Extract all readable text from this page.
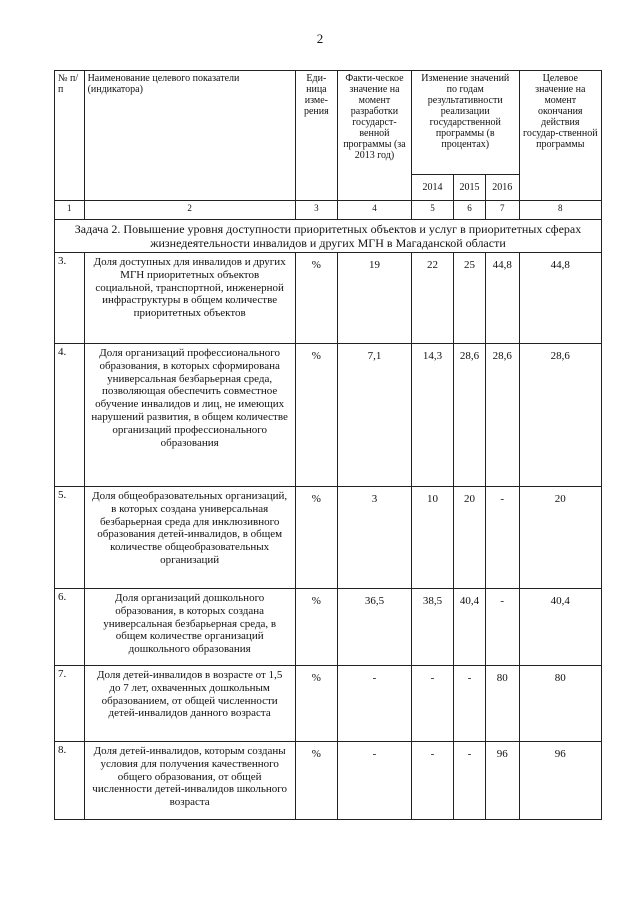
2
№ п/п	Наименование целевого показатели (индикатора)	Еди-ница изме-рения	Факти-ческое значение на момент разработки государст-венной программы (за 2013 год)	Изменение значений по годам результативности реализации государственной программы (в процентах)			Целевое значение на момент окончания действия государ-ственной программы
				2014	2015	2016	
1	2	3	4	5	6	7	8
Задача 2. Повышение уровня доступности приоритетных объектов и услуг в приоритетных сферах жизнедеятельности инвалидов и других МГН в Магаданской области							
3.	Доля доступных для инвалидов и других МГН приоритетных объектов социальной, транспортной, инженерной инфраструктуры в общем количестве приоритетных объектов	%	19	22	25	44,8	44,8
4.	Доля организаций профессионального образования, в которых сформирована универсальная безбарьерная среда, позволяющая обеспечить совместное обучение инвалидов и лиц, не имеющих нарушений развития, в общем количестве организаций профессионального образования	%	7,1	14,3	28,6	28,6	28,6
5.	Доля общеобразовательных организаций, в которых создана универсальная безбарьерная среда для инклюзивного образования детей-инвалидов, в общем количестве общеобразовательных организаций	%	3	10	20	-	20
6.	Доля организаций дошкольного образования, в которых создана универсальная безбарьерная среда, в общем количестве организаций дошкольного образования	%	36,5	38,5	40,4	-	40,4
7.	Доля детей-инвалидов в возрасте от 1,5 до 7 лет, охваченных дошкольным образованием, от общей численности детей-инвалидов данного возраста	%	-	-	-	80	80
8.	Доля детей-инвалидов, которым созданы условия для получения качественного общего образования, от общей численности детей-инвалидов школьного возраста	%	-	-	-	96	96
